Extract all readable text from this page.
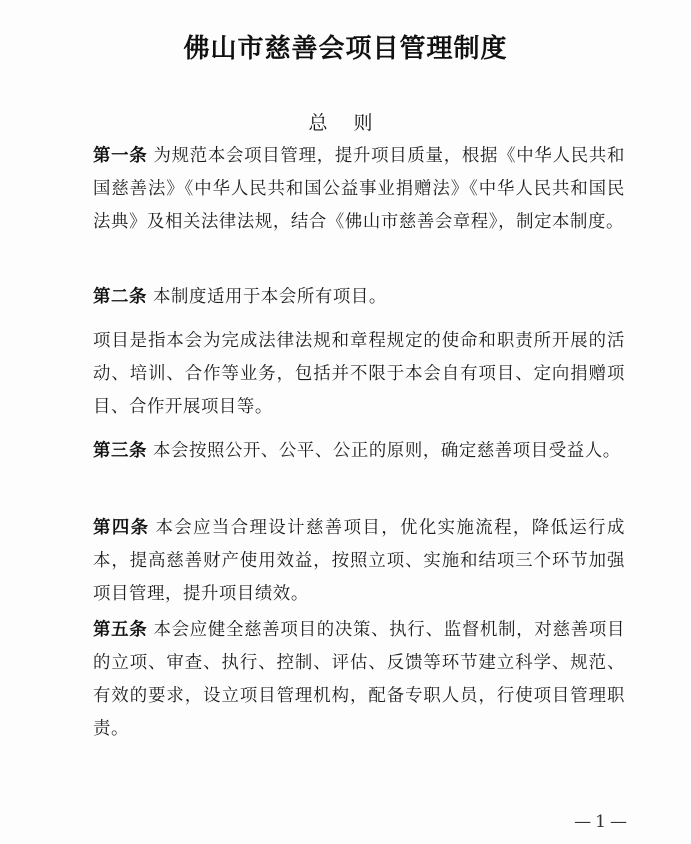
佛山市慈善会项目管理制度
总 则

第一条 为规范本会项目管理，提升项目质量，根据《中华人民共和国慈善法》《中华人民共和国公益事业捐赠法》《中华人民共和国民法典》及相关法律法规，结合《佛山市慈善会章程》，制定本制度。

第二条 本制度适用于本会所有项目。

项目是指本会为完成法律法规和章程规定的使命和职责所开展的活动、培训、合作等业务，包括并不限于本会自有项目、定向捐赠项目、合作开展项目等。

第三条 本会按照公开、公平、公正的原则，确定慈善项目受益人。

第四条 本会应当合理设计慈善项目，优化实施流程，降低运行成本，提高慈善财产使用效益，按照立项、实施和结项三个环节加强项目管理，提升项目绩效。

第五条 本会应健全慈善项目的决策、执行、监督机制，对慈善项目的立项、审查、执行、控制、评估、反馈等环节建立科学、规范、有效的要求，设立项目管理机构，配备专职人员，行使项目管理职责。

—1—
